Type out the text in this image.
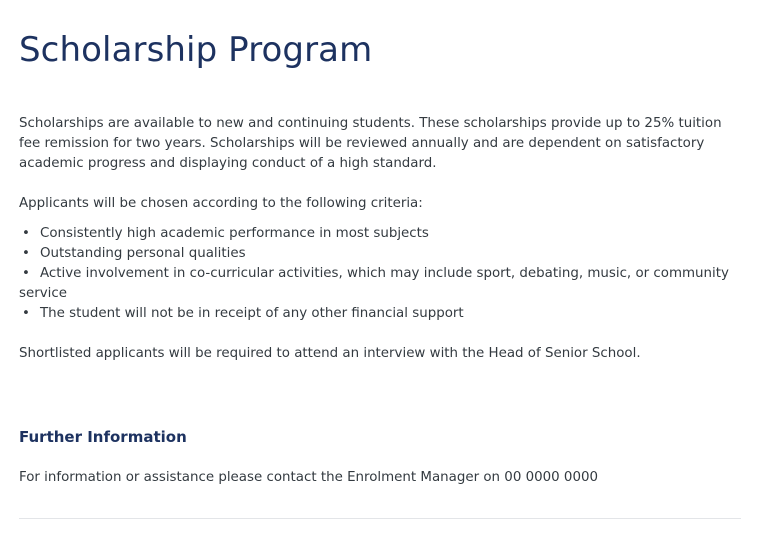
Scholarship Program

Scholarships are available to new and continuing students. These scholarships provide up to 25% tuition fee remission for two years. Scholarships will be reviewed annually and are dependent on satisfactory academic progress and displaying conduct of a high standard.

Applicants will be chosen according to the following criteria:

• Consistently high academic performance in most subjects
• Outstanding personal qualities
• Active involvement in co-curricular activities, which may include sport, debating, music, or community service
• The student will not be in receipt of any other financial support

Shortlisted applicants will be required to attend an interview with the Head of Senior School.

Further Information

For information or assistance please contact the Enrolment Manager on 00 0000 0000
